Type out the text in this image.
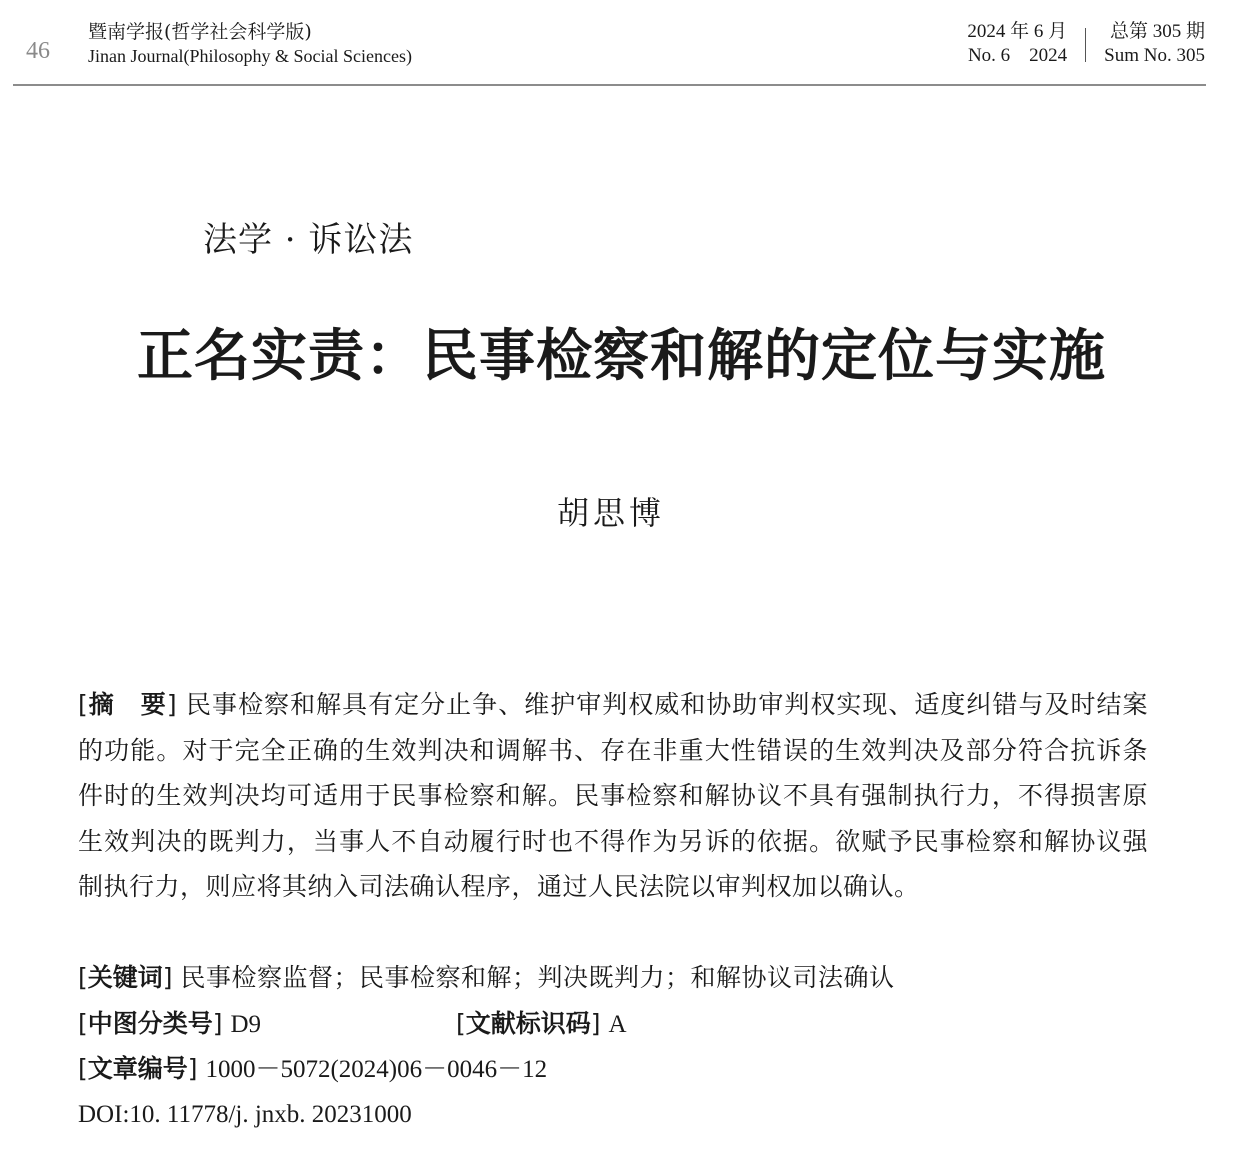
46
暨南学报(哲学社会科学版)
Jinan Journal(Philosophy & Social Sciences)
2024 年 6 月
No. 6　2024
总第 305 期
Sum No. 305
法学 · 诉讼法
正名实责：民事检察和解的定位与实施
胡思博
[摘　要] 民事检察和解具有定分止争、维护审判权威和协助审判权实现、适度纠错与及时结案的功能。对于完全正确的生效判决和调解书、存在非重大性错误的生效判决及部分符合抗诉条件时的生效判决均可适用于民事检察和解。民事检察和解协议不具有强制执行力，不得损害原生效判决的既判力，当事人不自动履行时也不得作为另诉的依据。欲赋予民事检察和解协议强制执行力，则应将其纳入司法确认程序，通过人民法院以审判权加以确认。
[关键词] 民事检察监督；民事检察和解；判决既判力；和解协议司法确认
[中图分类号] D9	[文献标识码] A
[文章编号] 1000－5072(2024)06－0046－12
DOI:10. 11778/j. jnxb. 20231000
